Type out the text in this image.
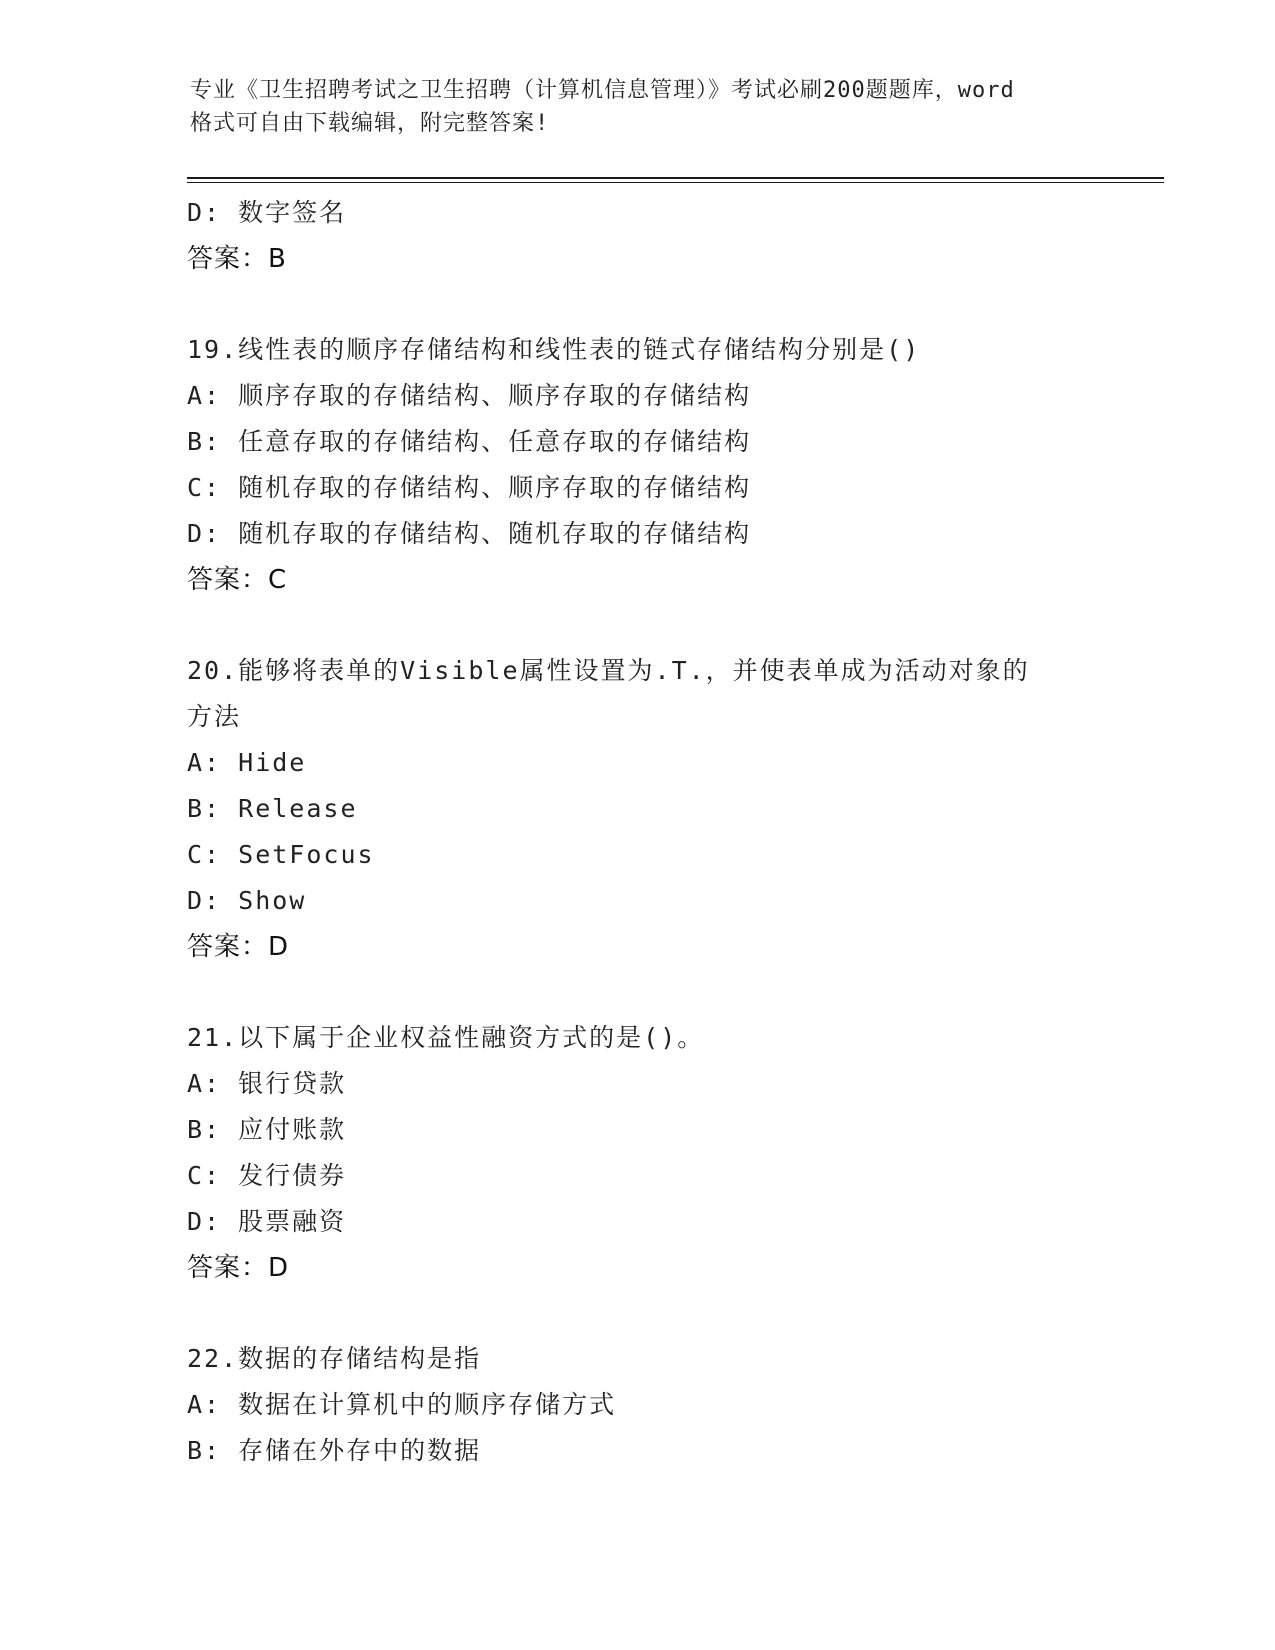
专业《卫生招聘考试之卫生招聘（计算机信息管理）》考试必刷200题题库，word
格式可自由下载编辑，附完整答案!
D: 数字签名
答案：B
19.线性表的顺序存储结构和线性表的链式存储结构分别是()
A: 顺序存取的存储结构、顺序存取的存储结构
B: 任意存取的存储结构、任意存取的存储结构
C: 随机存取的存储结构、顺序存取的存储结构
D: 随机存取的存储结构、随机存取的存储结构
答案：C
20.能够将表单的Visible属性设置为.T.，并使表单成为活动对象的
方法
A: Hide
B: Release
C: SetFocus
D: Show
答案：D
21.以下属于企业权益性融资方式的是()。
A: 银行贷款
B: 应付账款
C: 发行债券
D: 股票融资
答案：D
22.数据的存储结构是指
A: 数据在计算机中的顺序存储方式
B: 存储在外存中的数据
